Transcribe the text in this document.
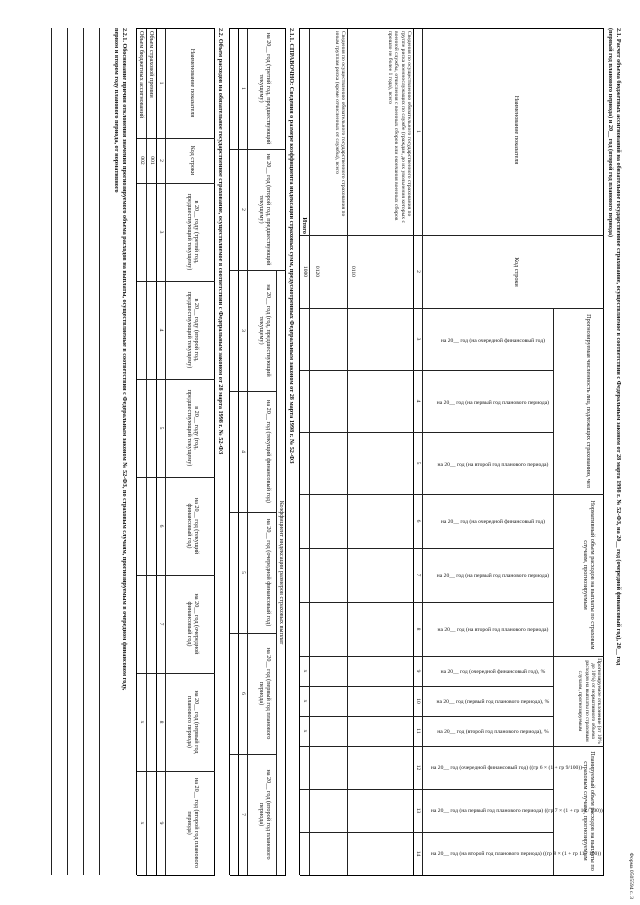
Форма 0505594 с. 3
2.1. Расчет объема бюджетных ассигнований на обязательное государственное страхование, осуществляемое в соответствии с Федеральным законом от 28 марта 1998 г. № 52-ФЗ, на 20__ год (очередной финансовый год), 20__ год
(первый год планового периода) и 20__ год (второй год планового периода)
Наименование показателя
Код строки
Прогнозируемая численность лиц, подлежащих страхованию, чел
Нормативный объем расходов на выплаты по страховым случаям, прогнозируемым
Прогнозируемое отклонение (от 10% до 10%) от нормативного объема расходов на выплаты по страховым случаям, прогнозируемым
Планируемый объем расходов на выплаты по страховым случаям, прогнозируемым
на 20__ год (на очередной финансовый год)
на 20__ год (на первый год планового периода)
на 20__ год (на второй год планового периода)
на 20__ год (на очередной финансовый год)
на 20__ год (на первый год планового периода)
на 20__ год (на второй год планового периода)
на 20__ год (очередной финансовый год), %
на 20__ год (первый год планового периода), %
на 20__ год (второй год планового периода), %
на 20__ год (очередной финансовый год) ((гр 6 × (1 + гр 9/100))
на 20__ год (на первый год планового периода) ((гр 7 × (1 + гр 10 / 100))
на 20__ год (на второй год планового периода) ((гр 8 × (1 + гр 11 / 100))
1
2
3
4
5
6
7
8
9
10
11
12
13
14
Сведения по осуществлению обязательного государственного страхования по группе риска военнослужащих по службе (граждан, до их увольнения которых с военной службы, отчисления с военных сборов или окончания военных сборов прошло не более 1 года), всего
0110
Сведения по осуществлению обязательного государственного страхования по иным группам риска (кроме отчисленных от службы), всего
0120
Итого
1000
x
x
x
2.1.1. СПРАВОЧНО: Сведения о размере коэффициента индексации страховых сумм, предусмотренных Федеральным законом от 28 марта 1998 г. № 52-ФЗ
Коэффициент индексации размеров страховых выплат
на 20__ год (третий год, предшествующий текущему)
на 20__ год (второй год, предшествующий текущему)
на 20__ год (год, предшествующий текущему)
на 20__ год (текущий финансовый год)
на 20__ год (очередной финансовый год)
на 20__ год (первый год планового периода)
на 20__ год (второй год планового периода)
1
2
3
4
5
6
7
2.2. Объем расходов на обязательное государственное страхование, осуществляемое в соответствии с Федеральным законом от 28 марта 1998 г. № 52-ФЗ
Наименование показателя
Код строки
в 20__ году (третий год, предшествующий текущему)
в 20__ году (второй год, предшествующий текущему)
в 20__ году (год, предшествующий текущему)
на 20__ год (текущий финансовый год)
на 20__ год (очередной финансовый год)
на 20__ год (первый год планового периода)
на 20__ год (второй год планового периода)
1
2
3
4
5
6
7
8
9
Объем страховой премии
001
Объем бюджетных ассигнований
002
x
x
2.2.1. Обоснование причин отклонения значения прогнозируемого объема расходов на выплаты, осуществляемые в соответствии с Федеральным законом № 52-ФЗ, по страховым случаям, прогнозируемым в очередном финансовом году,
первом и втором году планового периода, от нормативного
